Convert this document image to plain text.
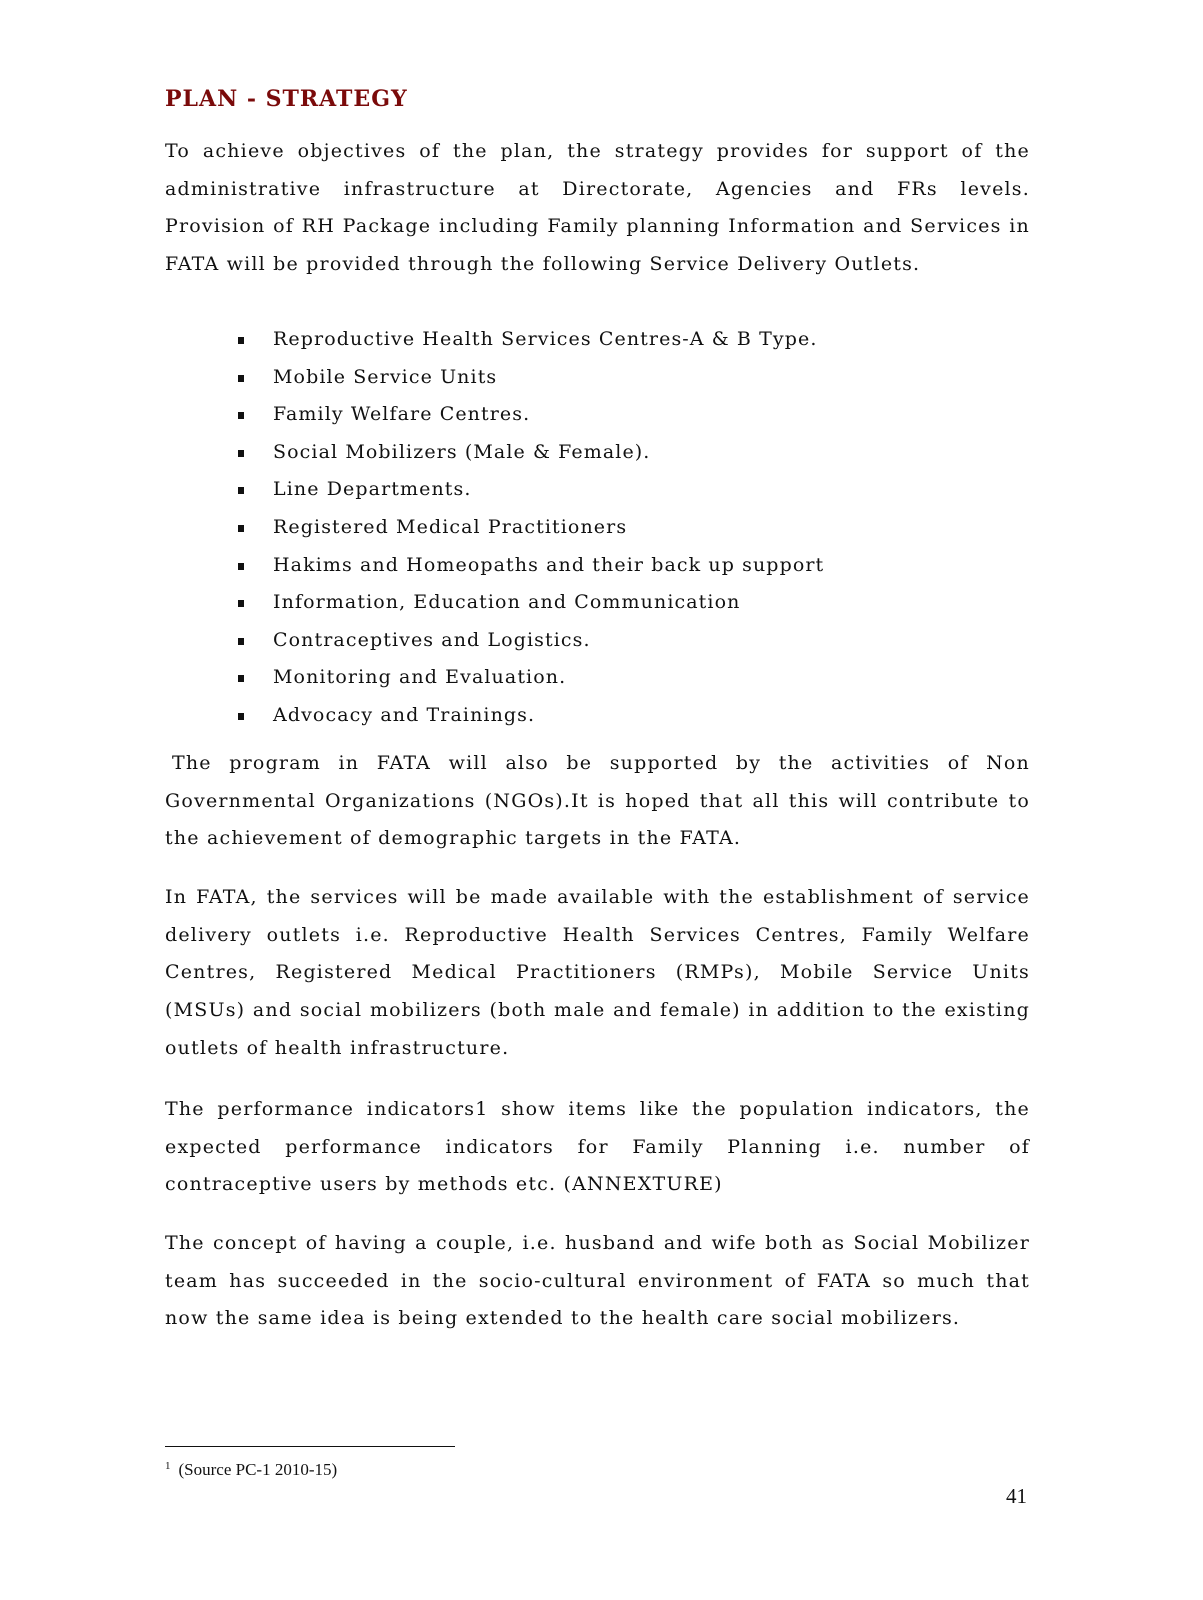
PLAN - STRATEGY

To achieve objectives of the plan, the strategy provides for support of the administrative infrastructure at Directorate, Agencies and FRs levels. Provision of RH Package including Family planning Information and Services in FATA will be provided through the following Service Delivery Outlets.

Reproductive Health Services Centres-A & B Type.
Mobile Service Units
Family Welfare Centres.
Social Mobilizers (Male & Female).
Line Departments.
Registered Medical Practitioners
Hakims and Homeopaths and their back up support
Information, Education and Communication
Contraceptives and Logistics.
Monitoring and Evaluation.
Advocacy and Trainings.

The program in FATA will also be supported by the activities of Non Governmental Organizations (NGOs).It is hoped that all this will contribute to the achievement of demographic targets in the FATA.

In FATA, the services will be made available with the establishment of service delivery outlets i.e. Reproductive Health Services Centres, Family Welfare Centres, Registered Medical Practitioners (RMPs), Mobile Service Units (MSUs) and social mobilizers (both male and female) in addition to the existing outlets of health infrastructure.

The performance indicators1 show items like the population indicators, the expected performance indicators for Family Planning i.e. number of contraceptive users by methods etc. (ANNEXTURE)

The concept of having a couple, i.e. husband and wife both as Social Mobilizer team has succeeded in the socio-cultural environment of FATA so much that now the same idea is being extended to the health care social mobilizers.

$^1$ (Source PC-1 2010-15)
41
